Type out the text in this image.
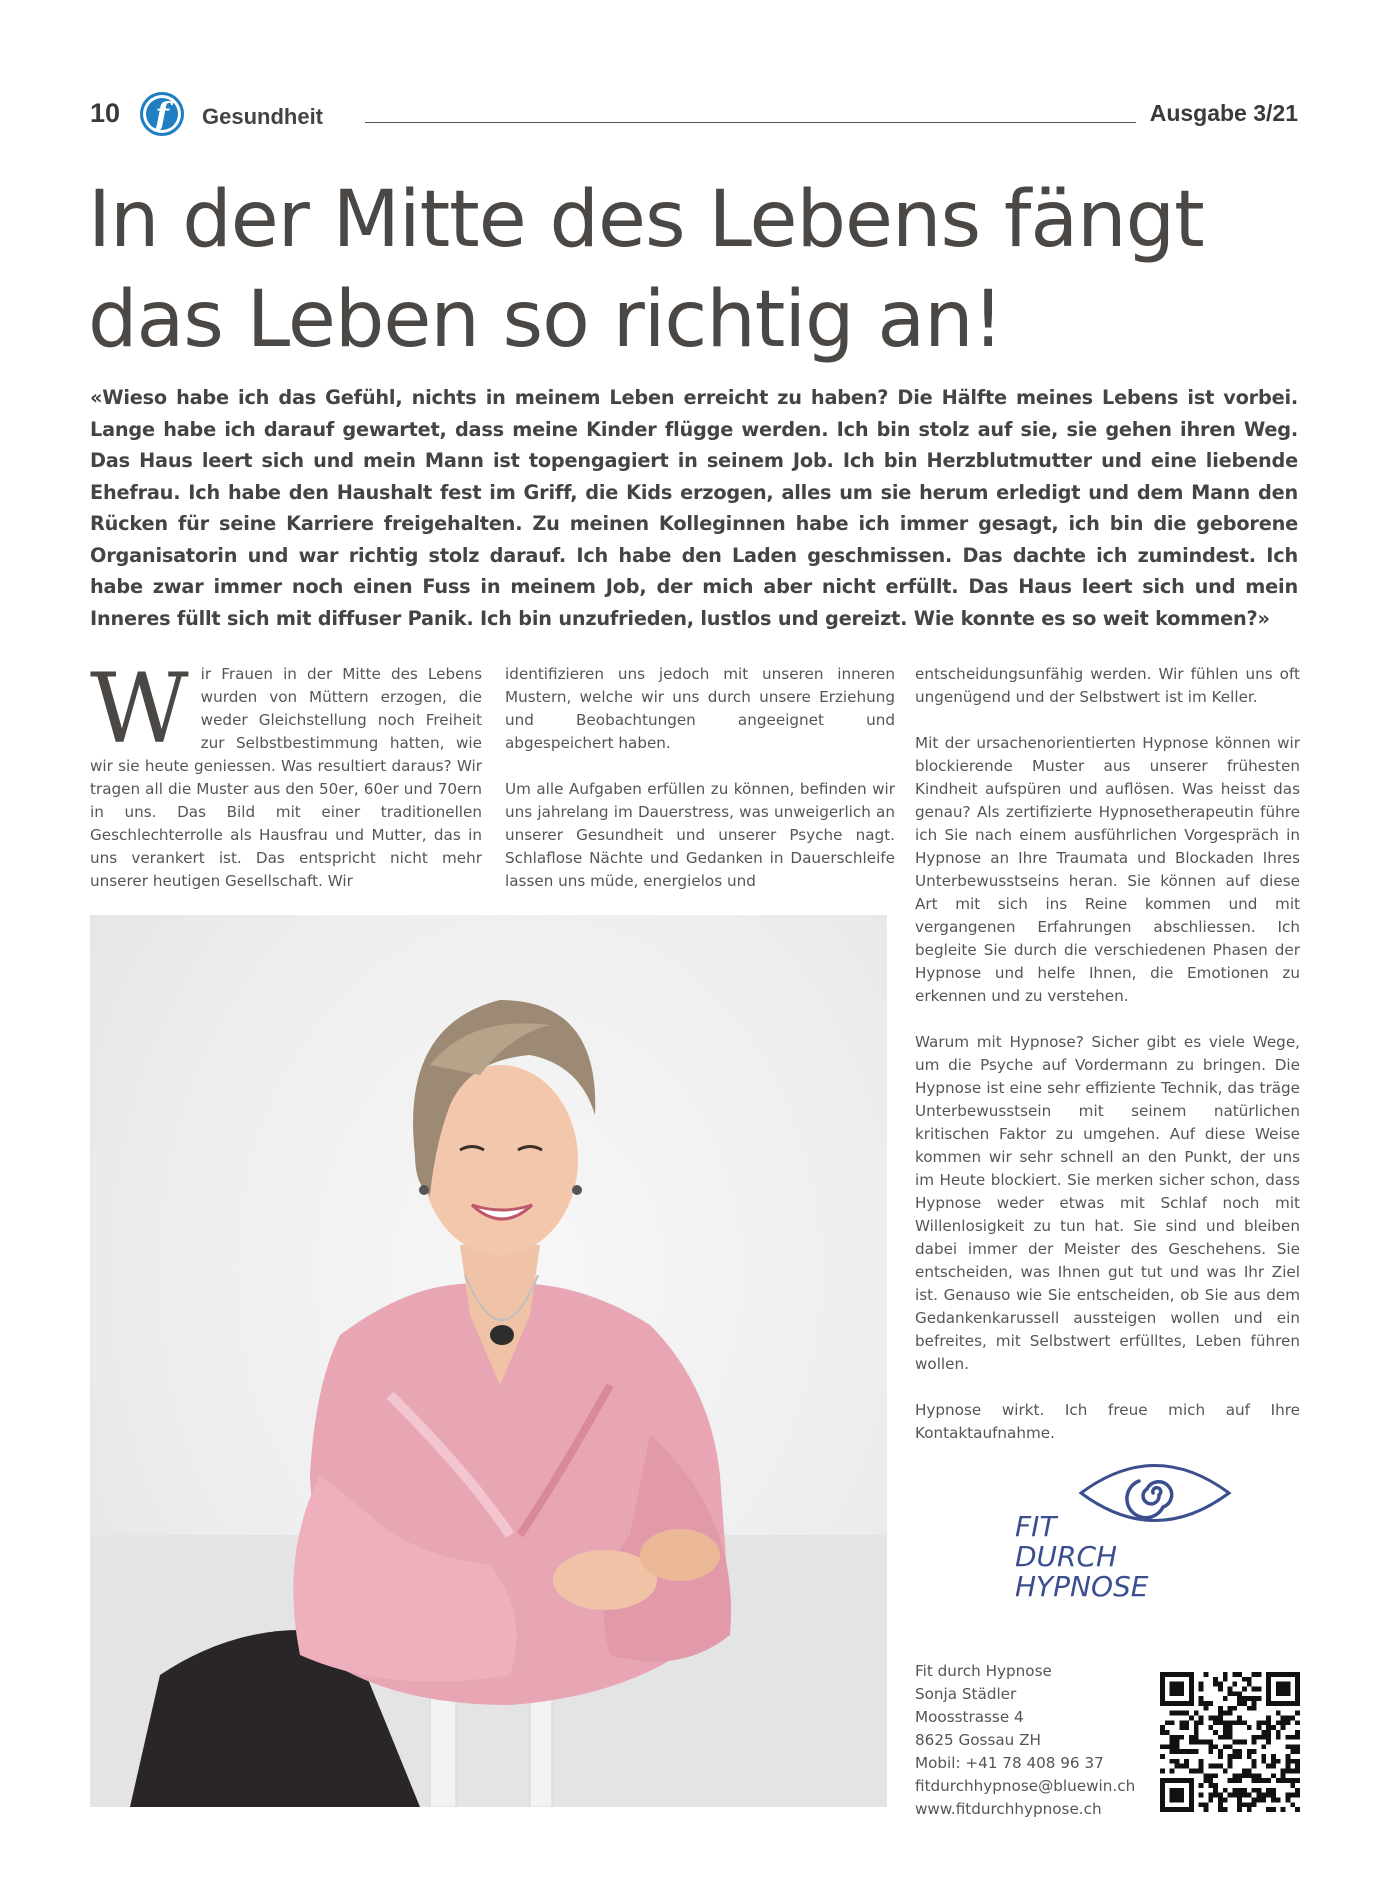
10	f	Gesundheit	Ausgabe 3/21
In der Mitte des Lebens fängt
das Leben so richtig an!

«Wieso habe ich das Gefühl, nichts in meinem Leben erreicht zu haben? Die Hälfte meines Lebens ist vorbei. Lange habe ich darauf gewartet, dass meine Kinder flügge werden. Ich bin stolz auf sie, sie gehen ihren Weg. Das Haus leert sich und mein Mann ist topengagiert in seinem Job. Ich bin Herzblutmutter und eine liebende Ehefrau. Ich habe den Haushalt fest im Griff, die Kids erzogen, alles um sie herum erledigt und dem Mann den Rücken für seine Karriere freigehalten. Zu meinen Kolleginnen habe ich immer gesagt, ich bin die geborene Organisatorin und war richtig stolz darauf. Ich habe den Laden geschmissen. Das dachte ich zumindest. Ich habe zwar immer noch einen Fuss in meinem Job, der mich aber nicht erfüllt. Das Haus leert sich und mein Inneres füllt sich mit diffuser Panik. Ich bin unzufrieden, lustlos und gereizt. Wie konnte es so weit kommen?»

Wir Frauen in der Mitte des Lebens wurden von Müttern erzogen, die weder Gleichstellung noch Freiheit zur Selbstbestimmung hatten, wie wir sie heute geniessen. Was resultiert daraus? Wir tragen all die Muster aus den 50er, 60er und 70ern in uns. Das Bild mit einer traditionellen Geschlechterrolle als Hausfrau und Mutter, das in uns verankert ist. Das entspricht nicht mehr unserer heutigen Gesellschaft. Wir

identifizieren uns jedoch mit unseren inneren Mustern, welche wir uns durch unsere Erziehung und Beobachtungen angeeignet und abgespeichert haben.

Um alle Aufgaben erfüllen zu können, befinden wir uns jahrelang im Dauerstress, was unweigerlich an unserer Gesundheit und unserer Psyche nagt. Schlaflose Nächte und Gedanken in Dauerschleife lassen uns müde, energielos und

entscheidungsunfähig werden. Wir fühlen uns oft ungenügend und der Selbstwert ist im Keller.

Mit der ursachenorientierten Hypnose können wir blockierende Muster aus unserer frühesten Kindheit aufspüren und auflösen. Was heisst das genau? Als zertifizierte Hypnosetherapeutin führe ich Sie nach einem ausführlichen Vorgespräch in Hypnose an Ihre Traumata und Blockaden Ihres Unterbewusstseins heran. Sie können auf diese Art mit sich ins Reine kommen und mit vergangenen Erfahrungen abschliessen. Ich begleite Sie durch die verschiedenen Phasen der Hypnose und helfe Ihnen, die Emotionen zu erkennen und zu verstehen.

Warum mit Hypnose? Sicher gibt es viele Wege, um die Psyche auf Vordermann zu bringen. Die Hypnose ist eine sehr effiziente Technik, das träge Unterbewusstsein mit seinem natürlichen kritischen Faktor zu umgehen. Auf diese Weise kommen wir sehr schnell an den Punkt, der uns im Heute blockiert. Sie merken sicher schon, dass Hypnose weder etwas mit Schlaf noch mit Willenlosigkeit zu tun hat. Sie sind und bleiben dabei immer der Meister des Geschehens. Sie entscheiden, was Ihnen gut tut und was Ihr Ziel ist. Genauso wie Sie entscheiden, ob Sie aus dem Gedankenkarussell aussteigen wollen und ein befreites, mit Selbstwert erfülltes, Leben führen wollen.

Hypnose wirkt. Ich freue mich auf Ihre Kontaktaufnahme.

FIT
DURCH
HYPNOSE
Fit durch Hypnose
Sonja Städler
Moosstrasse 4
8625 Gossau ZH
Mobil: +41 78 408 96 37
fitdurchhypnose@bluewin.ch
www.fitdurchhypnose.ch
